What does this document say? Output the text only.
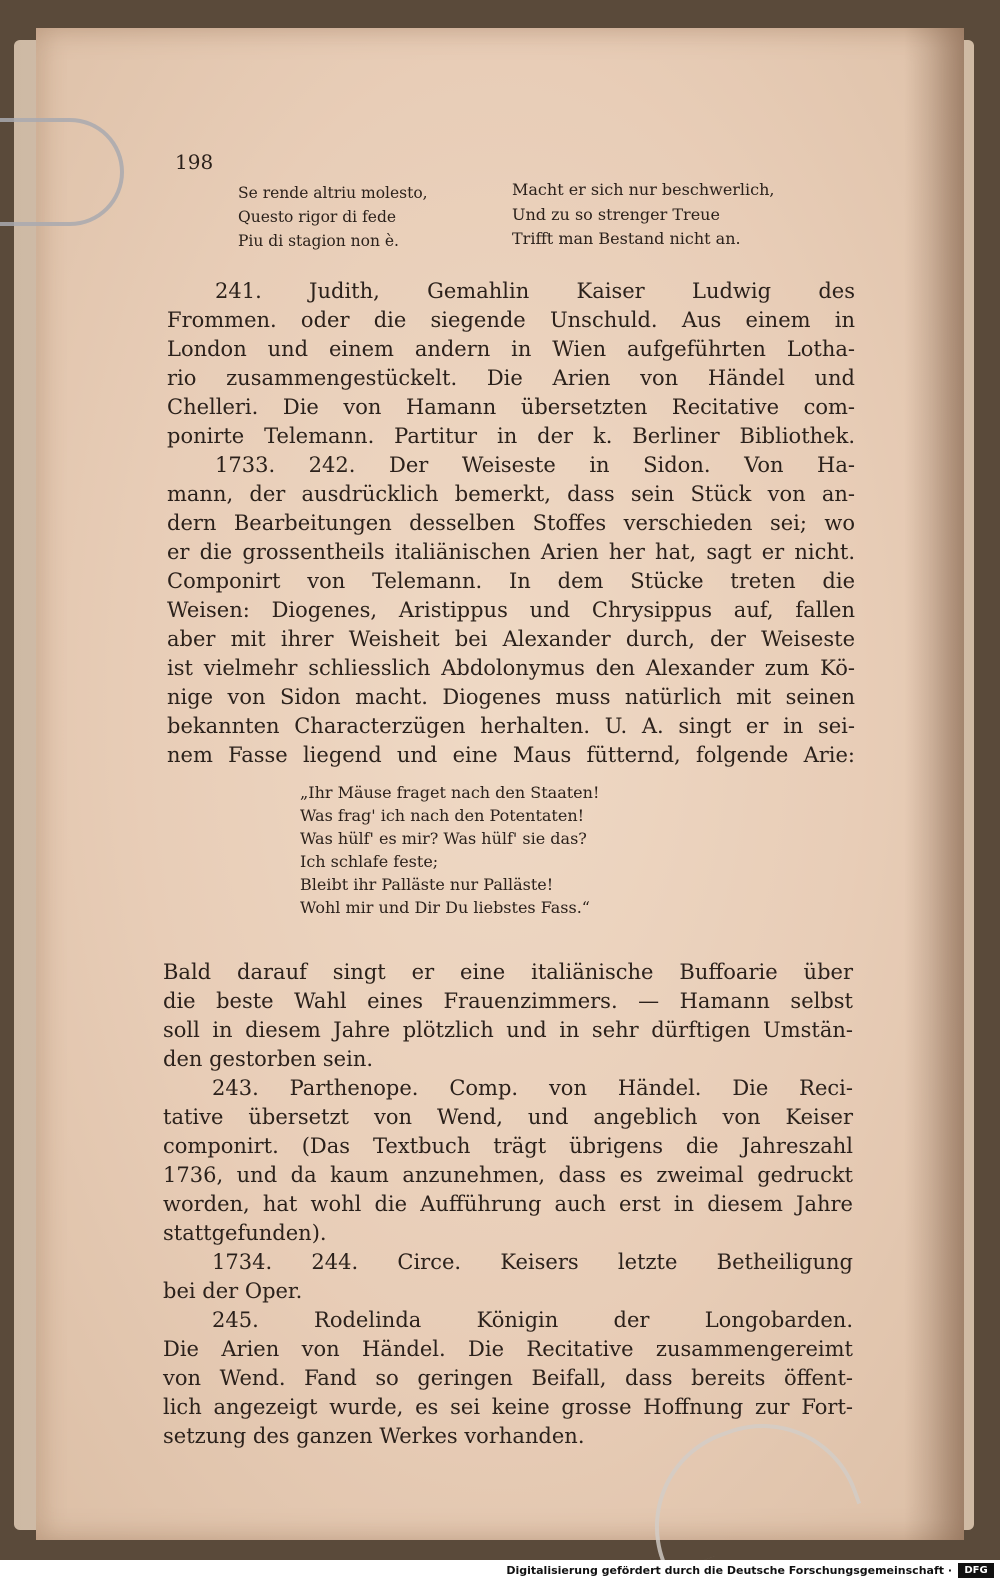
198
Se rende altriu molesto,
Questo rigor di fede
Piu di stagion non è.
Macht er sich nur beschwerlich,
Und zu so strenger Treue
Trifft man Bestand nicht an.
241. Judith, Gemahlin Kaiser Ludwig des
Frommen. oder die siegende Unschuld. Aus einem in
London und einem andern in Wien aufgeführten Lotha-
rio zusammengestückelt. Die Arien von Händel und
Chelleri. Die von Hamann übersetzten Recitative com-
ponirte Telemann. Partitur in der k. Berliner Bibliothek.
1733. 242. Der Weiseste in Sidon. Von Ha-
mann, der ausdrücklich bemerkt, dass sein Stück von an-
dern Bearbeitungen desselben Stoffes verschieden sei; wo
er die grossentheils italiänischen Arien her hat, sagt er nicht.
Componirt von Telemann. In dem Stücke treten die
Weisen: Diogenes, Aristippus und Chrysippus auf, fallen
aber mit ihrer Weisheit bei Alexander durch, der Weiseste
ist vielmehr schliesslich Abdolonymus den Alexander zum Kö-
nige von Sidon macht. Diogenes muss natürlich mit seinen
bekannten Characterzügen herhalten. U. A. singt er in sei-
nem Fasse liegend und eine Maus fütternd, folgende Arie:
„Ihr Mäuse fraget nach den Staaten!
Was frag' ich nach den Potentaten!
Was hülf' es mir? Was hülf' sie das?
Ich schlafe feste;
Bleibt ihr Palläste nur Palläste!
Wohl mir und Dir Du liebstes Fass.“
Bald darauf singt er eine italiänische Buffoarie über
die beste Wahl eines Frauenzimmers. — Hamann selbst
soll in diesem Jahre plötzlich und in sehr dürftigen Umstän-
den gestorben sein.
243. Parthenope. Comp. von Händel. Die Reci-
tative übersetzt von Wend, und angeblich von Keiser
componirt. (Das Textbuch trägt übrigens die Jahreszahl
1736, und da kaum anzunehmen, dass es zweimal gedruckt
worden, hat wohl die Aufführung auch erst in diesem Jahre
stattgefunden).
1734. 244. Circe. Keisers letzte Betheiligung
bei der Oper.
245. Rodelinda Königin der Longobarden.
Die Arien von Händel. Die Recitative zusammengereimt
von Wend. Fand so geringen Beifall, dass bereits öffent-
lich angezeigt wurde, es sei keine grosse Hoffnung zur Fort-
setzung des ganzen Werkes vorhanden.
Digitalisierung gefördert durch die Deutsche Forschungsgemeinschaft ·	DFG
